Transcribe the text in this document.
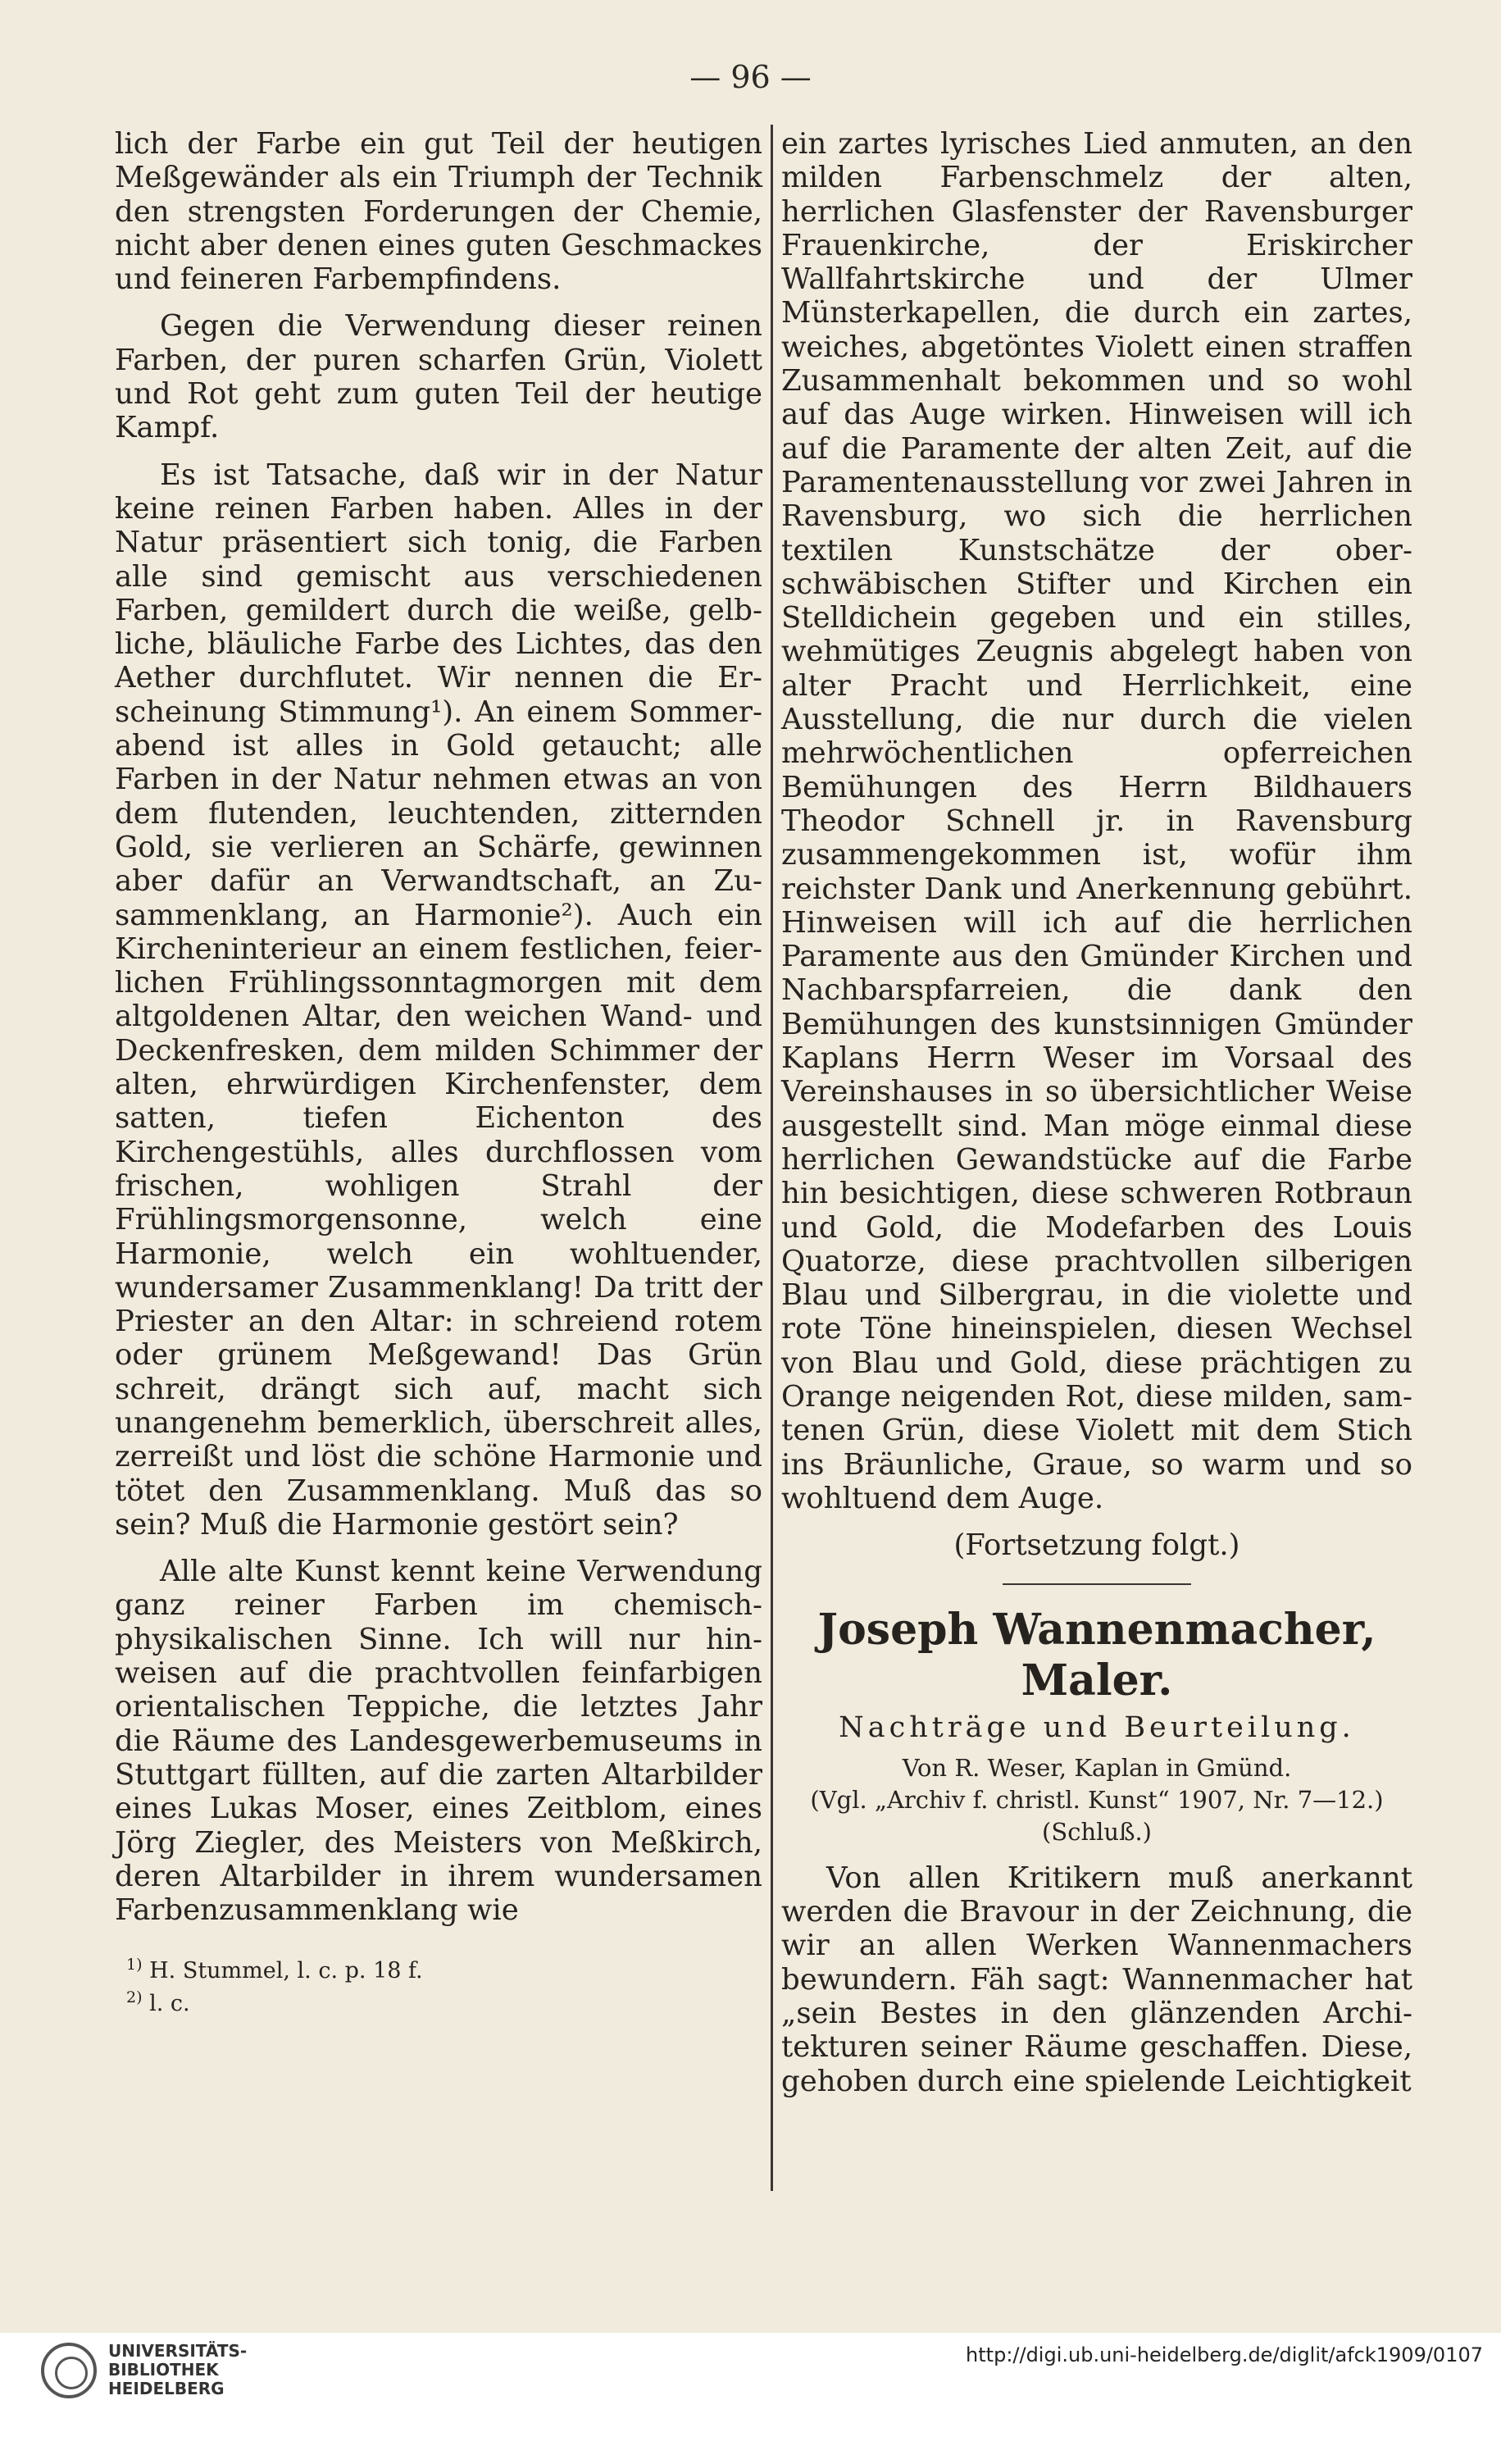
— 96 —

lich der Farbe ein gut Teil der heutigen Meßgewänder als ein Triumph der Technik den strengsten Forderungen der Chemie, nicht aber denen eines guten Geschmackes und feineren Farbempfindens.

Gegen die Verwendung dieser reinen Farben, der puren scharfen Grün, Violett und Rot geht zum guten Teil der heutige Kampf.

Es ist Tatsache, daß wir in der Natur keine reinen Farben haben. Alles in der Natur präsentiert sich tonig, die Farben alle sind gemischt aus verschiedenen Farben, gemildert durch die weiße, gelbliche, bläuliche Farbe des Lichtes, das den Aether durchflutet. Wir nennen die Erscheinung Stimmung¹). An einem Sommerabend ist alles in Gold getaucht; alle Farben in der Natur nehmen etwas an von dem flutenden, leuchtenden, zitternden Gold, sie verlieren an Schärfe, gewinnen aber dafür an Verwandtschaft, an Zusammenklang, an Harmonie²). Auch ein Kircheninterieur an einem festlichen, feierlichen Frühlingssonntagmorgen mit dem altgoldenen Altar, den weichen Wand- und Deckenfresken, dem milden Schimmer der alten, ehrwürdigen Kirchenfenster, dem satten, tiefen Eichenton des Kirchengestühls, alles durchflossen vom frischen, wohligen Strahl der Frühlingsmorgensonne, welch eine Harmonie, welch ein wohltuender, wundersamer Zusammenklang! Da tritt der Priester an den Altar: in schreiend rotem oder grünem Meßgewand! Das Grün schreit, drängt sich auf, macht sich unangenehm bemerklich, überschreit alles, zerreißt und löst die schöne Harmonie und tötet den Zusammenklang. Muß das so sein? Muß die Harmonie gestört sein?

Alle alte Kunst kennt keine Verwendung ganz reiner Farben im chemisch-physikalischen Sinne. Ich will nur hinweisen auf die prachtvollen feinfarbigen orientalischen Teppiche, die letztes Jahr die Räume des Landesgewerbemuseums in Stuttgart füllten, auf die zarten Altarbilder eines Lukas Moser, eines Zeitblom, eines Jörg Ziegler, des Meisters von Meßkirch, deren Altarbilder in ihrem wundersamen Farbenzusammenklang wie

$^{1)}$ H. Stummel, l. c. p. 18 f.

$^{2)}$ l. c.

ein zartes lyrisches Lied anmuten, an den milden Farbenschmelz der alten, herrlichen Glasfenster der Ravensburger Frauenkirche, der Eriskircher Wallfahrtskirche und der Ulmer Münsterkapellen, die durch ein zartes, weiches, abgetöntes Violett einen straffen Zusammenhalt bekommen und so wohl auf das Auge wirken. Hinweisen will ich auf die Paramente der alten Zeit, auf die Paramentenausstellung vor zwei Jahren in Ravensburg, wo sich die herrlichen textilen Kunstschätze der oberschwäbischen Stifter und Kirchen ein Stelldichein gegeben und ein stilles, wehmütiges Zeugnis abgelegt haben von alter Pracht und Herrlichkeit, eine Ausstellung, die nur durch die vielen mehrwöchentlichen opferreichen Bemühungen des Herrn Bildhauers Theodor Schnell jr. in Ravensburg zusammengekommen ist, wofür ihm reichster Dank und Anerkennung gebührt. Hinweisen will ich auf die herrlichen Paramente aus den Gmünder Kirchen und Nachbarspfarreien, die dank den Bemühungen des kunstsinnigen Gmünder Kaplans Herrn Weser im Vorsaal des Vereinshauses in so übersichtlicher Weise ausgestellt sind. Man möge einmal diese herrlichen Gewandstücke auf die Farbe hin besichtigen, diese schweren Rotbraun und Gold, die Modefarben des Louis Quatorze, diese prachtvollen silberigen Blau und Silbergrau, in die violette und rote Töne hineinspielen, diesen Wechsel von Blau und Gold, diese prächtigen zu Orange neigenden Rot, diese milden, samtenen Grün, diese Violett mit dem Stich ins Bräunliche, Graue, so warm und so wohltuend dem Auge.

(Fortsetzung folgt.)

Joseph Wannenmacher, Maler.
Nachträge und Beurteilung.
Von R. Weser, Kaplan in Gmünd.
(Vgl. „Archiv f. christl. Kunst“ 1907, Nr. 7—12.)
(Schluß.)

Von allen Kritikern muß anerkannt werden die Bravour in der Zeichnung, die wir an allen Werken Wannenmachers bewundern. Fäh sagt: Wannenmacher hat „sein Bestes in den glänzenden Architekturen seiner Räume geschaffen. Diese, gehoben durch eine spielende Leichtigkeit

UNIVERSITÄTS-
BIBLIOTHEK
HEIDELBERG
http://digi.ub.uni-heidelberg.de/diglit/afck1909/0107
